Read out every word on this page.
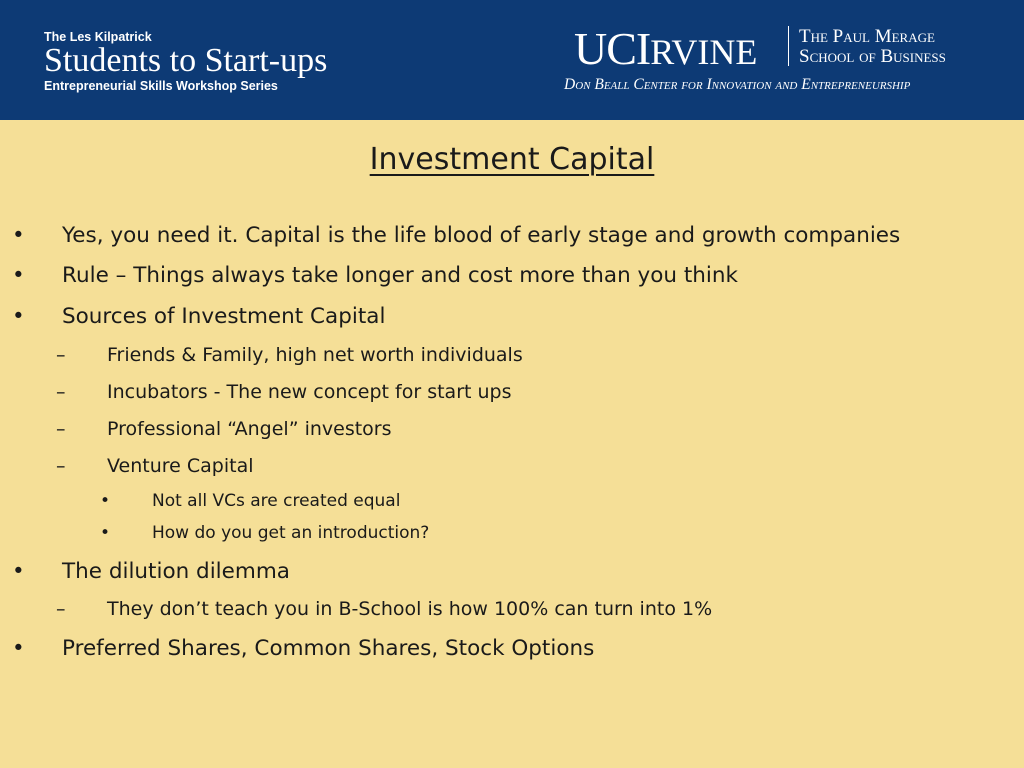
The Les Kilpatrick
Students to Start-ups
Entrepreneurial Skills Workshop Series
UCIRVINE The Paul Merage
School of Business
Don Beall Center for Innovation and Entrepreneurship
Investment Capital
• Yes, you need it. Capital is the life blood of early stage and growth companies
• Rule – Things always take longer and cost more than you think
• Sources of Investment Capital
– Friends & Family, high net worth individuals
– Incubators - The new concept for start ups
– Professional “Angel” investors
– Venture Capital
• Not all VCs are created equal
• How do you get an introduction?
• The dilution dilemma
– They don’t teach you in B-School is how 100% can turn into 1%
• Preferred Shares, Common Shares, Stock Options
